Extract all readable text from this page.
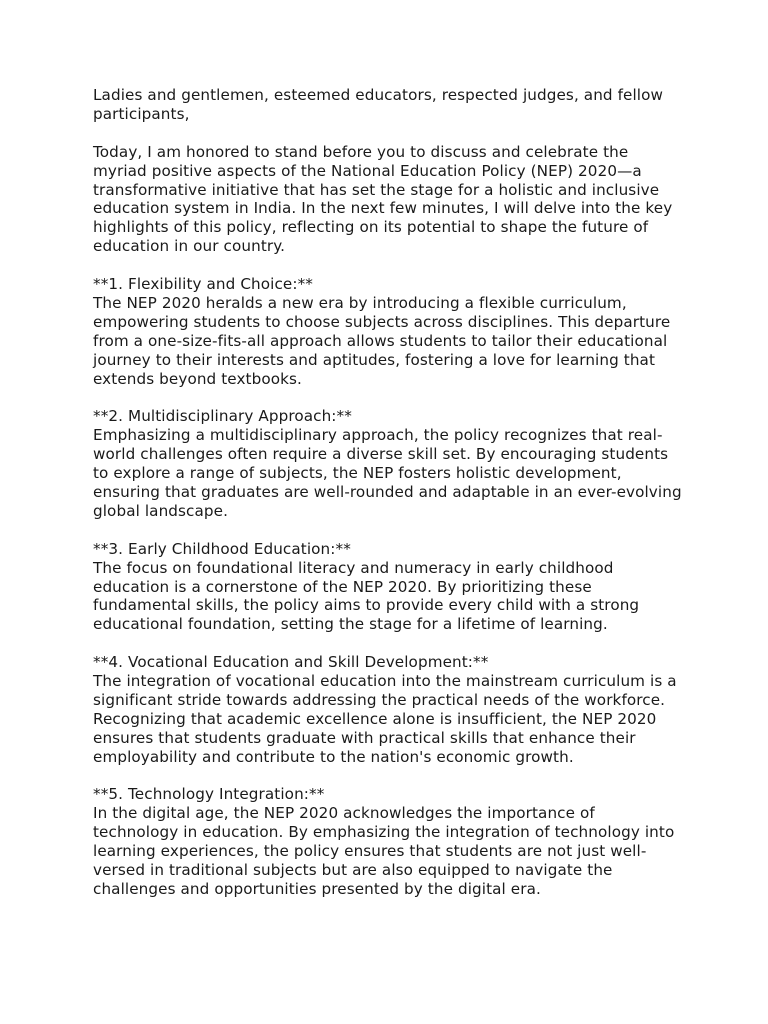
Ladies and gentlemen, esteemed educators, respected judges, and fellow participants,

Today, I am honored to stand before you to discuss and celebrate the myriad positive aspects of the National Education Policy (NEP) 2020—a transformative initiative that has set the stage for a holistic and inclusive education system in India. In the next few minutes, I will delve into the key highlights of this policy, reflecting on its potential to shape the future of education in our country.

**1. Flexibility and Choice:**

The NEP 2020 heralds a new era by introducing a flexible curriculum, empowering students to choose subjects across disciplines. This departure from a one-size-fits-all approach allows students to tailor their educational journey to their interests and aptitudes, fostering a love for learning that extends beyond textbooks.

**2. Multidisciplinary Approach:**

Emphasizing a multidisciplinary approach, the policy recognizes that real-world challenges often require a diverse skill set. By encouraging students to explore a range of subjects, the NEP fosters holistic development, ensuring that graduates are well-rounded and adaptable in an ever-evolving global landscape.

**3. Early Childhood Education:**

The focus on foundational literacy and numeracy in early childhood education is a cornerstone of the NEP 2020. By prioritizing these fundamental skills, the policy aims to provide every child with a strong educational foundation, setting the stage for a lifetime of learning.

**4. Vocational Education and Skill Development:**

The integration of vocational education into the mainstream curriculum is a significant stride towards addressing the practical needs of the workforce. Recognizing that academic excellence alone is insufficient, the NEP 2020 ensures that students graduate with practical skills that enhance their employability and contribute to the nation's economic growth.

**5. Technology Integration:**

In the digital age, the NEP 2020 acknowledges the importance of technology in education. By emphasizing the integration of technology into learning experiences, the policy ensures that students are not just well-versed in traditional subjects but are also equipped to navigate the challenges and opportunities presented by the digital era.
